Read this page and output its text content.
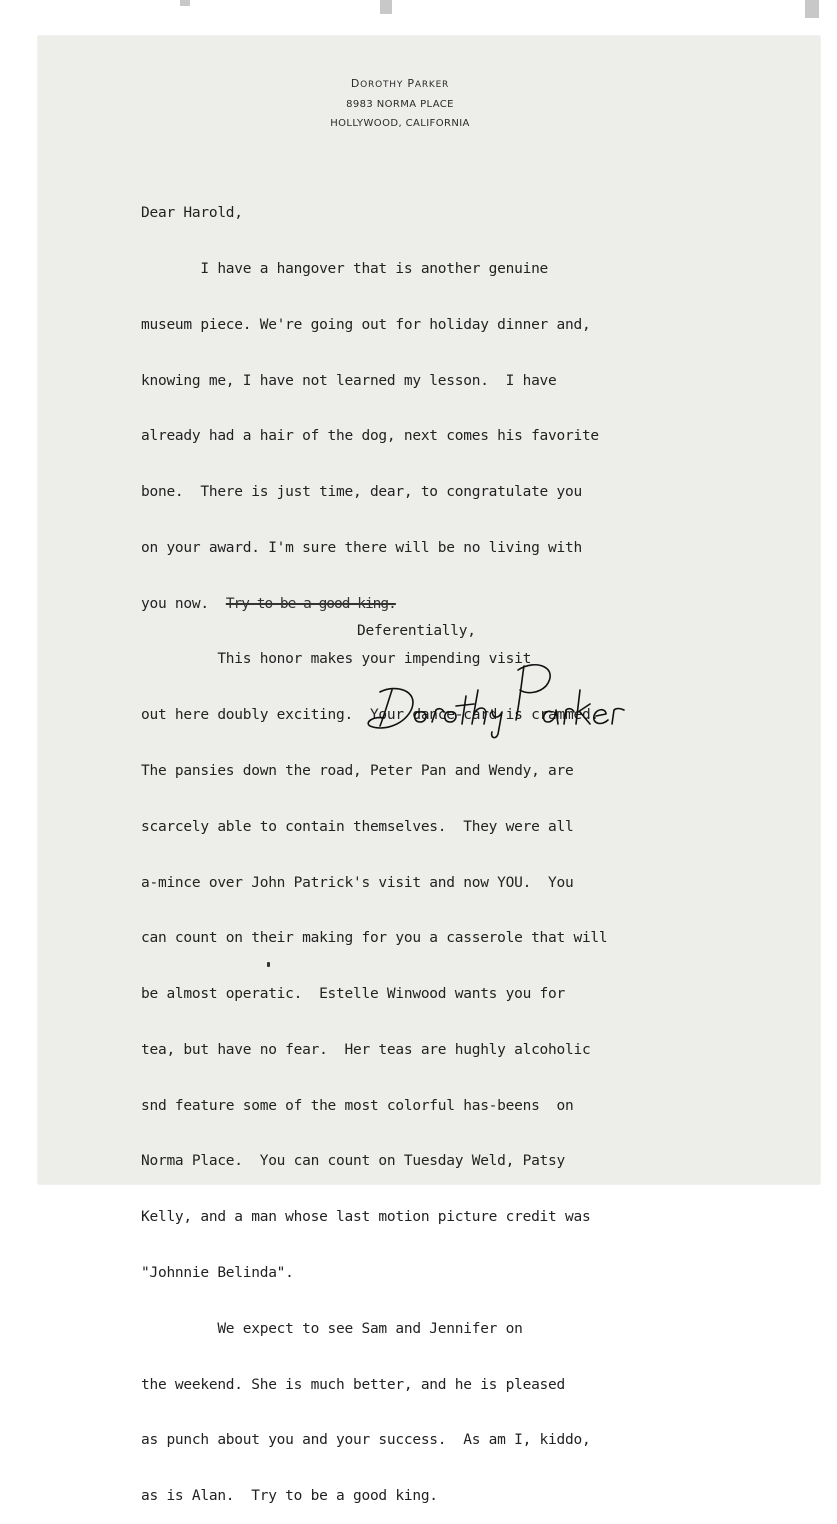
DOROTHY PARKER
8983 NORMA PLACE
HOLLYWOOD, CALIFORNIA

Dear Harold,

I have a hangover that is another genuine

museum piece. We're going out for holiday dinner and,

knowing me, I have not learned my lesson.  I have

already had a hair of the dog, next comes his favorite

bone.  There is just time, dear, to congratulate you

on your award. I'm sure there will be no living with

you now.  Try to be a good king.

This honor makes your impending visit

out here doubly exciting.  Your dance-card is crammed.

The pansies down the road, Peter Pan and Wendy, are

scarcely able to contain themselves.  They were all

a-mince over John Patrick's visit and now YOU.  You

can count on their making for you a casserole that will

be almost operatic.  Estelle Winwood wants you for

tea, but have no fear.  Her teas are hughly alcoholic

snd feature some of the most colorful has-beens  on

Norma Place.  You can count on Tuesday Weld, Patsy

Kelly, and a man whose last motion picture credit was

"Johnnie Belinda".

We expect to see Sam and Jennifer on

the weekend. She is much better, and he is pleased

as punch about you and your success.  As am I, kiddo,

as is Alan.  Try to be a good king.

Deferentially,
